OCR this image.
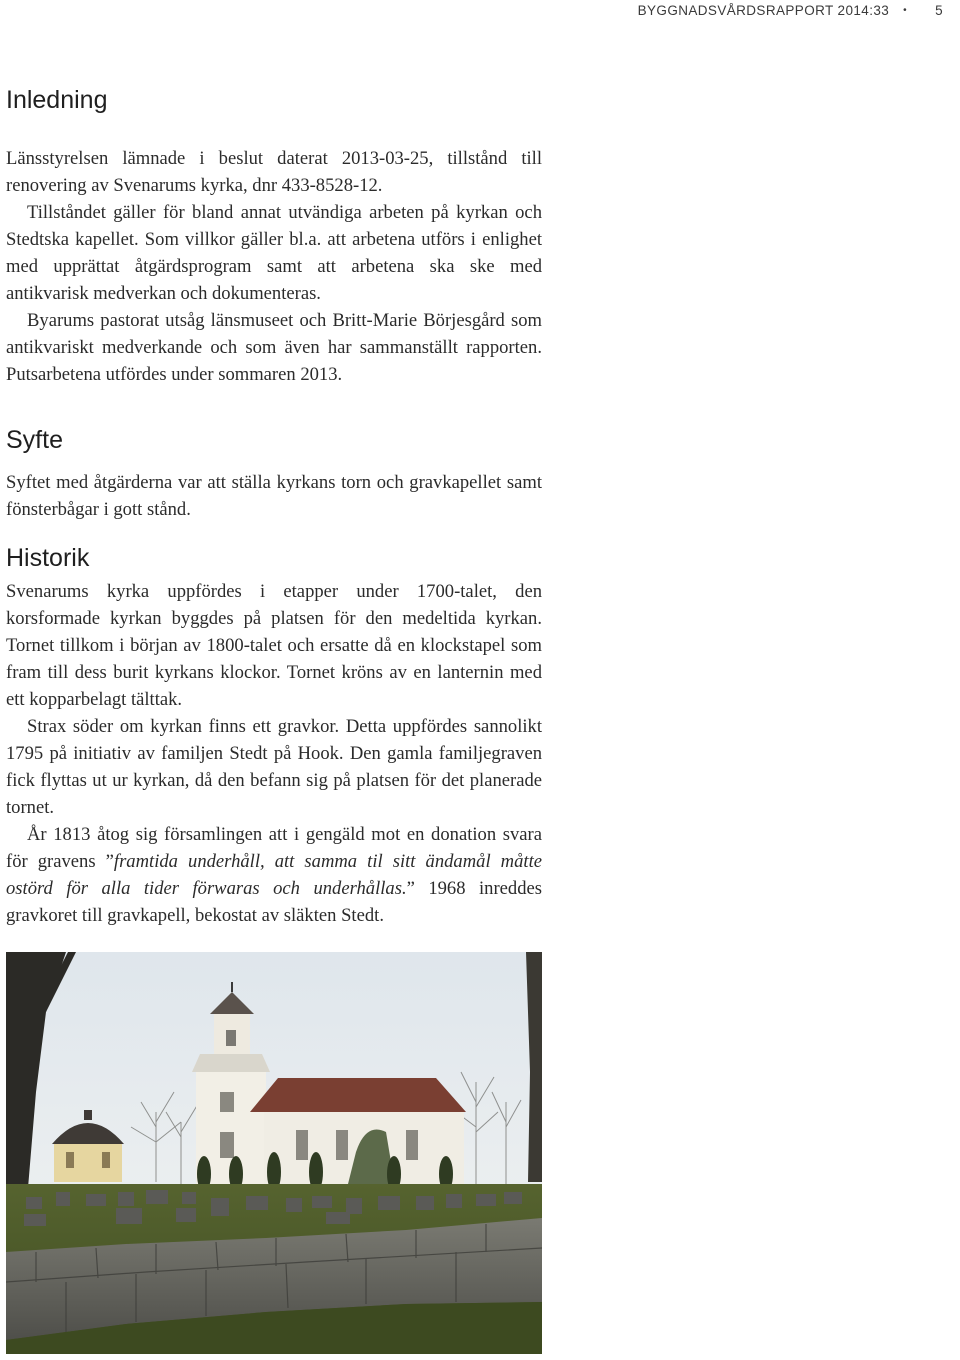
BYGGNADSVÅRDSRAPPORT 2014:33 • 5
Inledning

Länsstyrelsen lämnade i beslut daterat 2013-03-25, tillstånd till renovering av Svenarums kyrka, dnr 433-8528-12.

Tillståndet gäller för bland annat utvändiga arbeten på kyrkan och Stedtska kapellet. Som villkor gäller bl.a. att arbetena utförs i enlighet med upprättat åtgärdsprogram samt att arbetena ska ske med antikvarisk medverkan och dokumenteras.

Byarums pastorat utsåg länsmuseet och Britt-Marie Börjesgård som antikvariskt medverkande och som även har sammanställt rapporten. Putsarbetena utfördes under sommaren 2013.

Syfte

Syftet med åtgärderna var att ställa kyrkans torn och gravkapellet samt fönsterbågar i gott stånd.

Historik

Svenarums kyrka uppfördes i etapper under 1700-talet, den korsformade kyrkan byggdes på platsen för den medeltida kyrkan. Tornet tillkom i början av 1800-talet och ersatte då en klockstapel som fram till dess burit kyrkans klockor. Tornet kröns av en lanternin med ett kopparbelagt tälttak.

Strax söder om kyrkan finns ett gravkor. Detta uppfördes sannolikt 1795 på initiativ av familjen Stedt på Hook. Den gamla familjegraven fick flyttas ut ur kyrkan, då den befann sig på platsen för det planerade tornet.

År 1813 åtog sig församlingen att i gengäld mot en donation svara för gravens ”framtida underhåll, att samma til sitt ändamål måtte ostörd för alla tider förwaras och underhållas.” 1968 inreddes gravkoret till gravkapell, bekostat av släkten Stedt.
